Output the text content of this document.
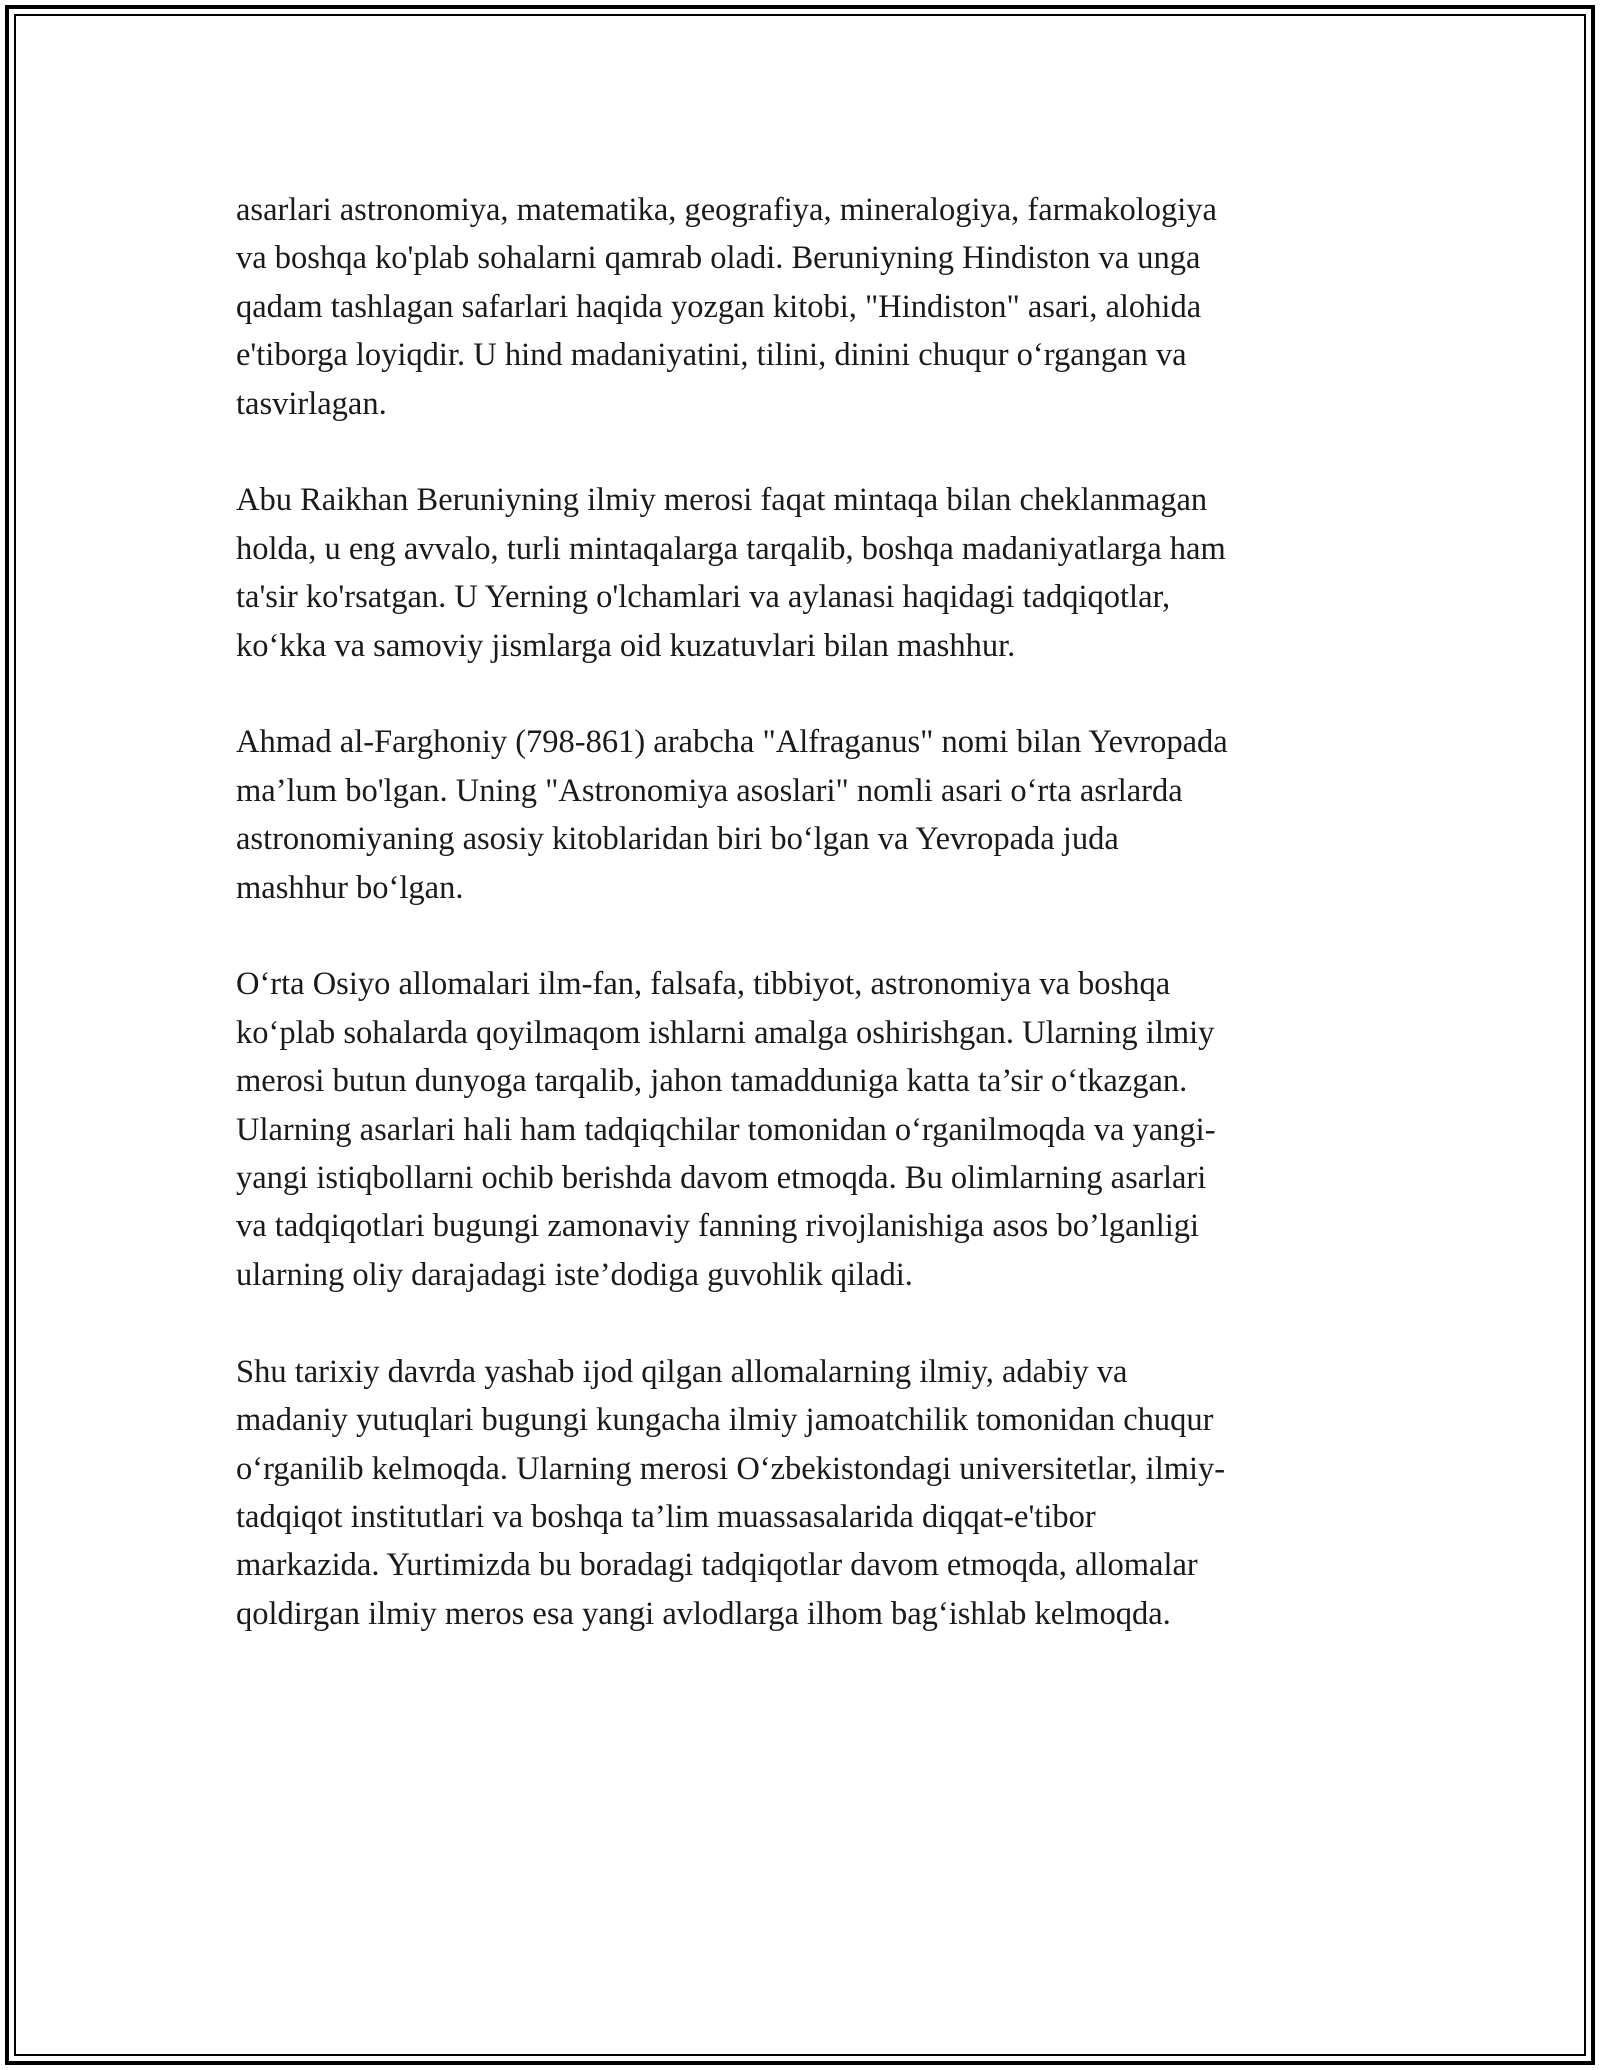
asarlari astronomiya, matematika, geografiya, mineralogiya, farmakologiya
va boshqa ko'plab sohalarni qamrab oladi. Beruniyning Hindiston va unga
qadam tashlagan safarlari haqida yozgan kitobi, "Hindiston" asari, alohida
e'tiborga loyiqdir. U hind madaniyatini, tilini, dinini chuqur o‘rgangan va
tasvirlagan.

Abu Raikhan Beruniyning ilmiy merosi faqat mintaqa bilan cheklanmagan
holda, u eng avvalo, turli mintaqalarga tarqalib, boshqa madaniyatlarga ham
ta'sir ko'rsatgan. U Yerning o'lchamlari va aylanasi haqidagi tadqiqotlar,
ko‘kka va samoviy jismlarga oid kuzatuvlari bilan mashhur.

Ahmad al-Farghoniy (798-861) arabcha "Alfraganus" nomi bilan Yevropada
ma’lum bo'lgan. Uning "Astronomiya asoslari" nomli asari o‘rta asrlarda
astronomiyaning asosiy kitoblaridan biri bo‘lgan va Yevropada juda
mashhur bo‘lgan.

O‘rta Osiyo allomalari ilm-fan, falsafa, tibbiyot, astronomiya va boshqa
ko‘plab sohalarda qoyilmaqom ishlarni amalga oshirishgan. Ularning ilmiy
merosi butun dunyoga tarqalib, jahon tamadduniga katta ta’sir o‘tkazgan.
Ularning asarlari hali ham tadqiqchilar tomonidan o‘rganilmoqda va yangi-
yangi istiqbollarni ochib berishda davom etmoqda. Bu olimlarning asarlari
va tadqiqotlari bugungi zamonaviy fanning rivojlanishiga asos bo’lganligi
ularning oliy darajadagi iste’dodiga guvohlik qiladi.

Shu tarixiy davrda yashab ijod qilgan allomalarning ilmiy, adabiy va
madaniy yutuqlari bugungi kungacha ilmiy jamoatchilik tomonidan chuqur
o‘rganilib kelmoqda. Ularning merosi O‘zbekistondagi universitetlar, ilmiy-
tadqiqot institutlari va boshqa ta’lim muassasalarida diqqat-e'tibor
markazida. Yurtimizda bu boradagi tadqiqotlar davom etmoqda, allomalar
qoldirgan ilmiy meros esa yangi avlodlarga ilhom bag‘ishlab kelmoqda.
